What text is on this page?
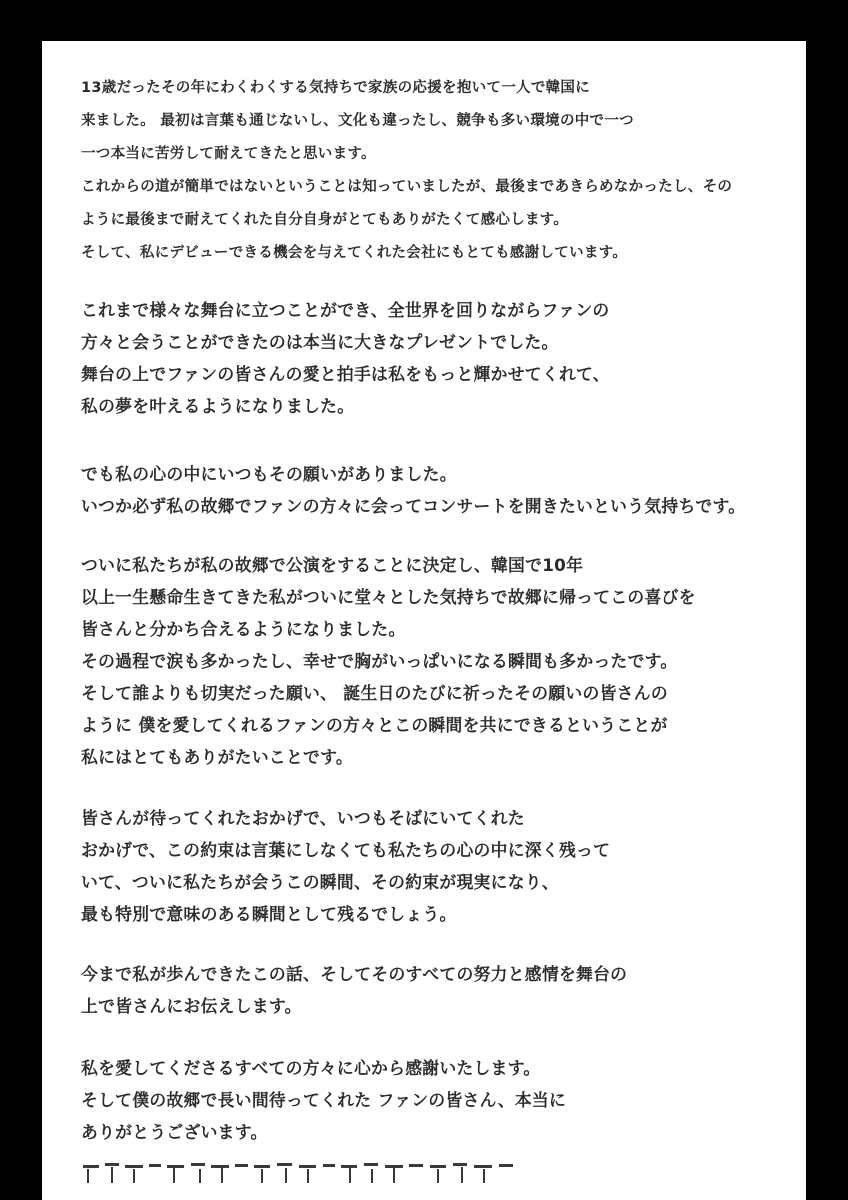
13歳だったその年にわくわくする気持ちで家族の応援を抱いて一人で韓国に

来ました。 最初は言葉も通じないし、文化も違ったし、競争も多い環境の中で一つ

一つ本当に苦労して耐えてきたと思います。

これからの道が簡単ではないということは知っていましたが、最後まであきらめなかったし、その

ように最後まで耐えてくれた自分自身がとてもありがたくて感心します。

そして、私にデビューできる機会を与えてくれた会社にもとても感謝しています。

これまで様々な舞台に立つことができ、全世界を回りながらファンの

方々と会うことができたのは本当に大きなプレゼントでした。

舞台の上でファンの皆さんの愛と拍手は私をもっと輝かせてくれて、

私の夢を叶えるようになりました。

でも私の心の中にいつもその願いがありました。

いつか必ず私の故郷でファンの方々に会ってコンサートを開きたいという気持ちです。

ついに私たちが私の故郷で公演をすることに決定し、韓国で10年

以上一生懸命生きてきた私がついに堂々とした気持ちで故郷に帰ってこの喜びを

皆さんと分かち合えるようになりました。

その過程で涙も多かったし、幸せで胸がいっぱいになる瞬間も多かったです。

そして誰よりも切実だった願い、 誕生日のたびに祈ったその願いの皆さんの

ように 僕を愛してくれるファンの方々とこの瞬間を共にできるということが

私にはとてもありがたいことです。

皆さんが待ってくれたおかげで、いつもそばにいてくれた

おかげで、この約束は言葉にしなくても私たちの心の中に深く残って

いて、ついに私たちが会うこの瞬間、その約束が現実になり、

最も特別で意味のある瞬間として残るでしょう。

今まで私が歩んできたこの話、そしてそのすべての努力と感情を舞台の

上で皆さんにお伝えします。

私を愛してくださるすべての方々に心から感謝いたします。

そして僕の故郷で長い間待ってくれた ファンの皆さん、本当に

ありがとうございます。
